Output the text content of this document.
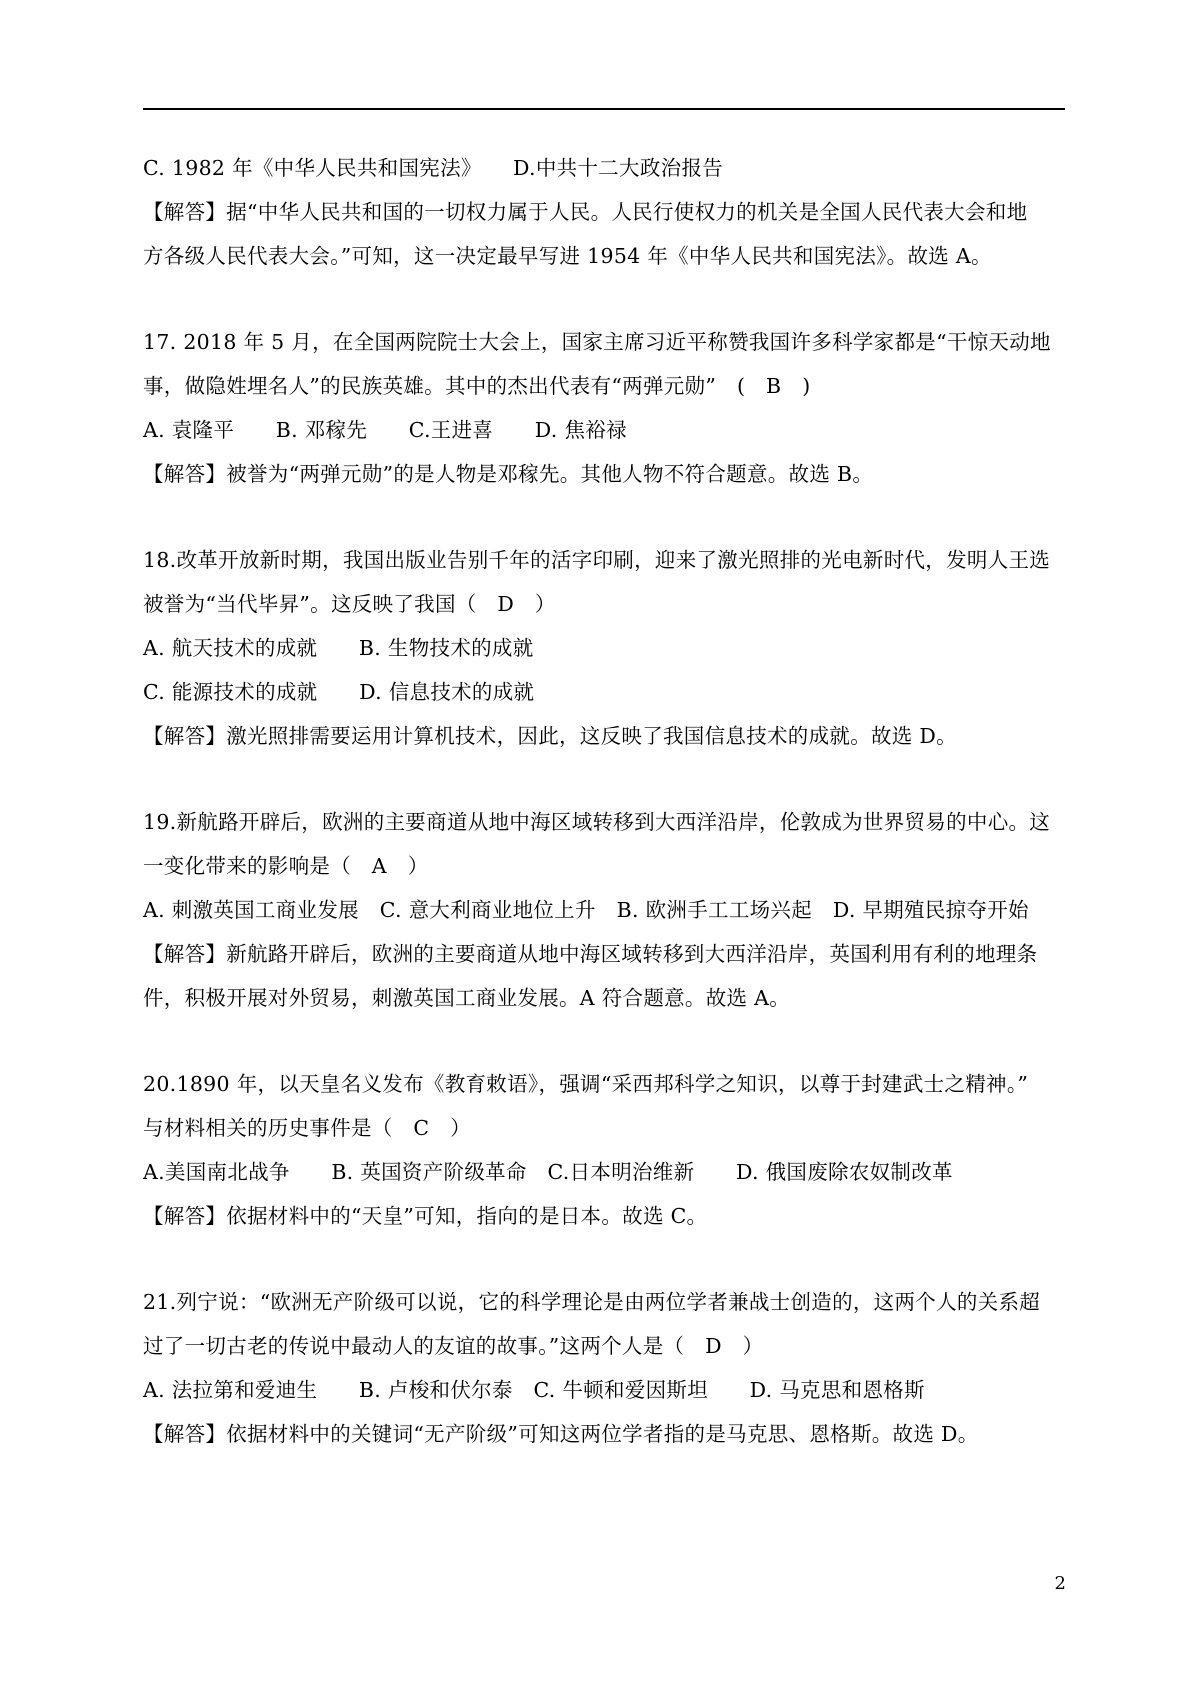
C. 1982 年《中华人民共和国宪法》　　D.中共十二大政治报告
【解答】据“中华人民共和国的一切权力属于人民。人民行使权力的机关是全国人民代表大会和地
方各级人民代表大会。”可知，这一决定最早写进 1954 年《中华人民共和国宪法》。故选 A。
17. 2018 年 5 月，在全国两院院士大会上，国家主席习近平称赞我国许多科学家都是“干惊天动地
事，做隐姓埋名人”的民族英雄。其中的杰出代表有“两弹元勋”　(　B　)
A. 袁隆平　　B. 邓稼先　　C.王进喜　　D. 焦裕禄
【解答】被誉为“两弹元勋”的是人物是邓稼先。其他人物不符合题意。故选 B。
18.改革开放新时期，我国出版业告别千年的活字印刷，迎来了激光照排的光电新时代，发明人王选
被誉为“当代毕昇”。这反映了我国（　D　）
A. 航天技术的成就　　B. 生物技术的成就
C. 能源技术的成就　　D. 信息技术的成就
【解答】激光照排需要运用计算机技术，因此，这反映了我国信息技术的成就。故选 D。
19.新航路开辟后，欧洲的主要商道从地中海区域转移到大西洋沿岸，伦敦成为世界贸易的中心。这
一变化带来的影响是（　A　）
A. 刺激英国工商业发展　C. 意大利商业地位上升　B. 欧洲手工工场兴起　D. 早期殖民掠夺开始
【解答】新航路开辟后，欧洲的主要商道从地中海区域转移到大西洋沿岸，英国利用有利的地理条
件，积极开展对外贸易，刺激英国工商业发展。A 符合题意。故选 A。
20.1890 年，以天皇名义发布《教育敕语》，强调“采西邦科学之知识，以尊于封建武士之精神。”
与材料相关的历史事件是（　C　）
A.美国南北战争　　B. 英国资产阶级革命　C.日本明治维新　　D. 俄国废除农奴制改革
【解答】依据材料中的“天皇”可知，指向的是日本。故选 C。
21.列宁说：“欧洲无产阶级可以说，它的科学理论是由两位学者兼战士创造的，这两个人的关系超
过了一切古老的传说中最动人的友谊的故事。”这两个人是（　D　）
A. 法拉第和爱迪生　　B. 卢梭和伏尔泰　C. 牛顿和爱因斯坦　　D. 马克思和恩格斯
【解答】依据材料中的关键词“无产阶级”可知这两位学者指的是马克思、恩格斯。故选 D。
2
